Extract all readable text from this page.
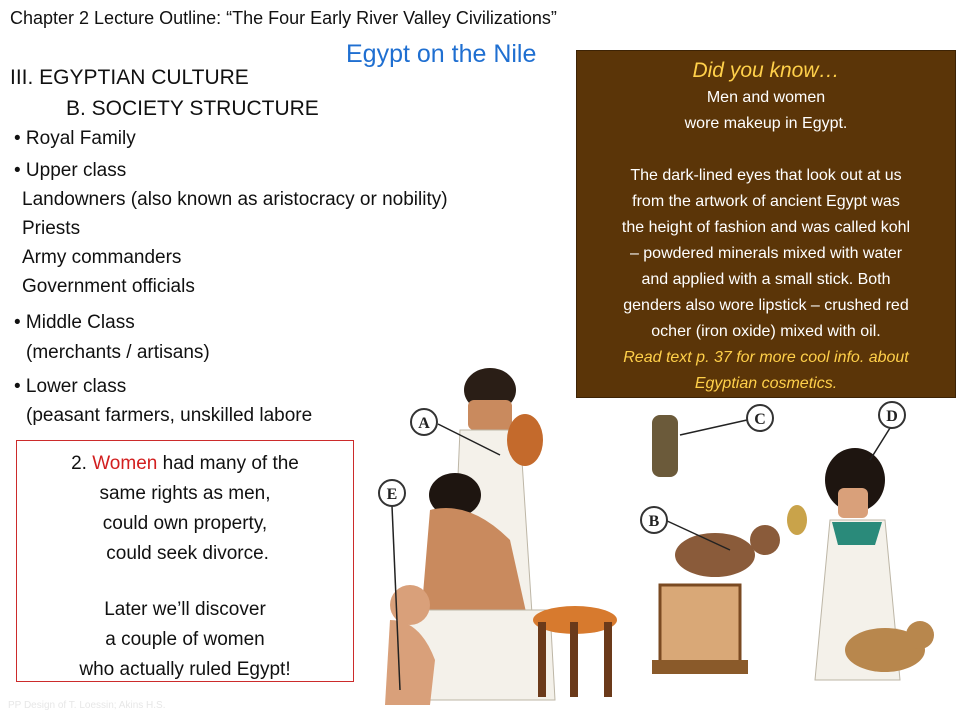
Chapter 2 Lecture Outline: “The Four Early River Valley Civilizations”
Egypt on the Nile
III. EGYPTIAN CULTURE
B. SOCIETY STRUCTURE
• Royal Family
• Upper class
Landowners (also known as aristocracy or nobility)
Priests
Army commanders
Government officials
• Middle Class
(merchants / artisans)
• Lower class
(peasant farmers, unskilled labore
Did you know…
Men and women
wore makeup in Egypt.
The dark-lined eyes that look out at us
from the artwork of ancient Egypt was
the height of fashion and was called kohl
– powdered minerals mixed with water
and applied with a small stick. Both
genders also wore lipstick – crushed red
ocher (iron oxide) mixed with oil.
Read text p. 37 for more cool info. about
Egyptian cosmetics.
2. Women had many of the
same rights as men,
could own property,
could seek divorce.
Later we’ll discover
a couple of women
who actually ruled Egypt!
A
B
C	D
E
PP Design of T. Loessin; Akins H.S.
